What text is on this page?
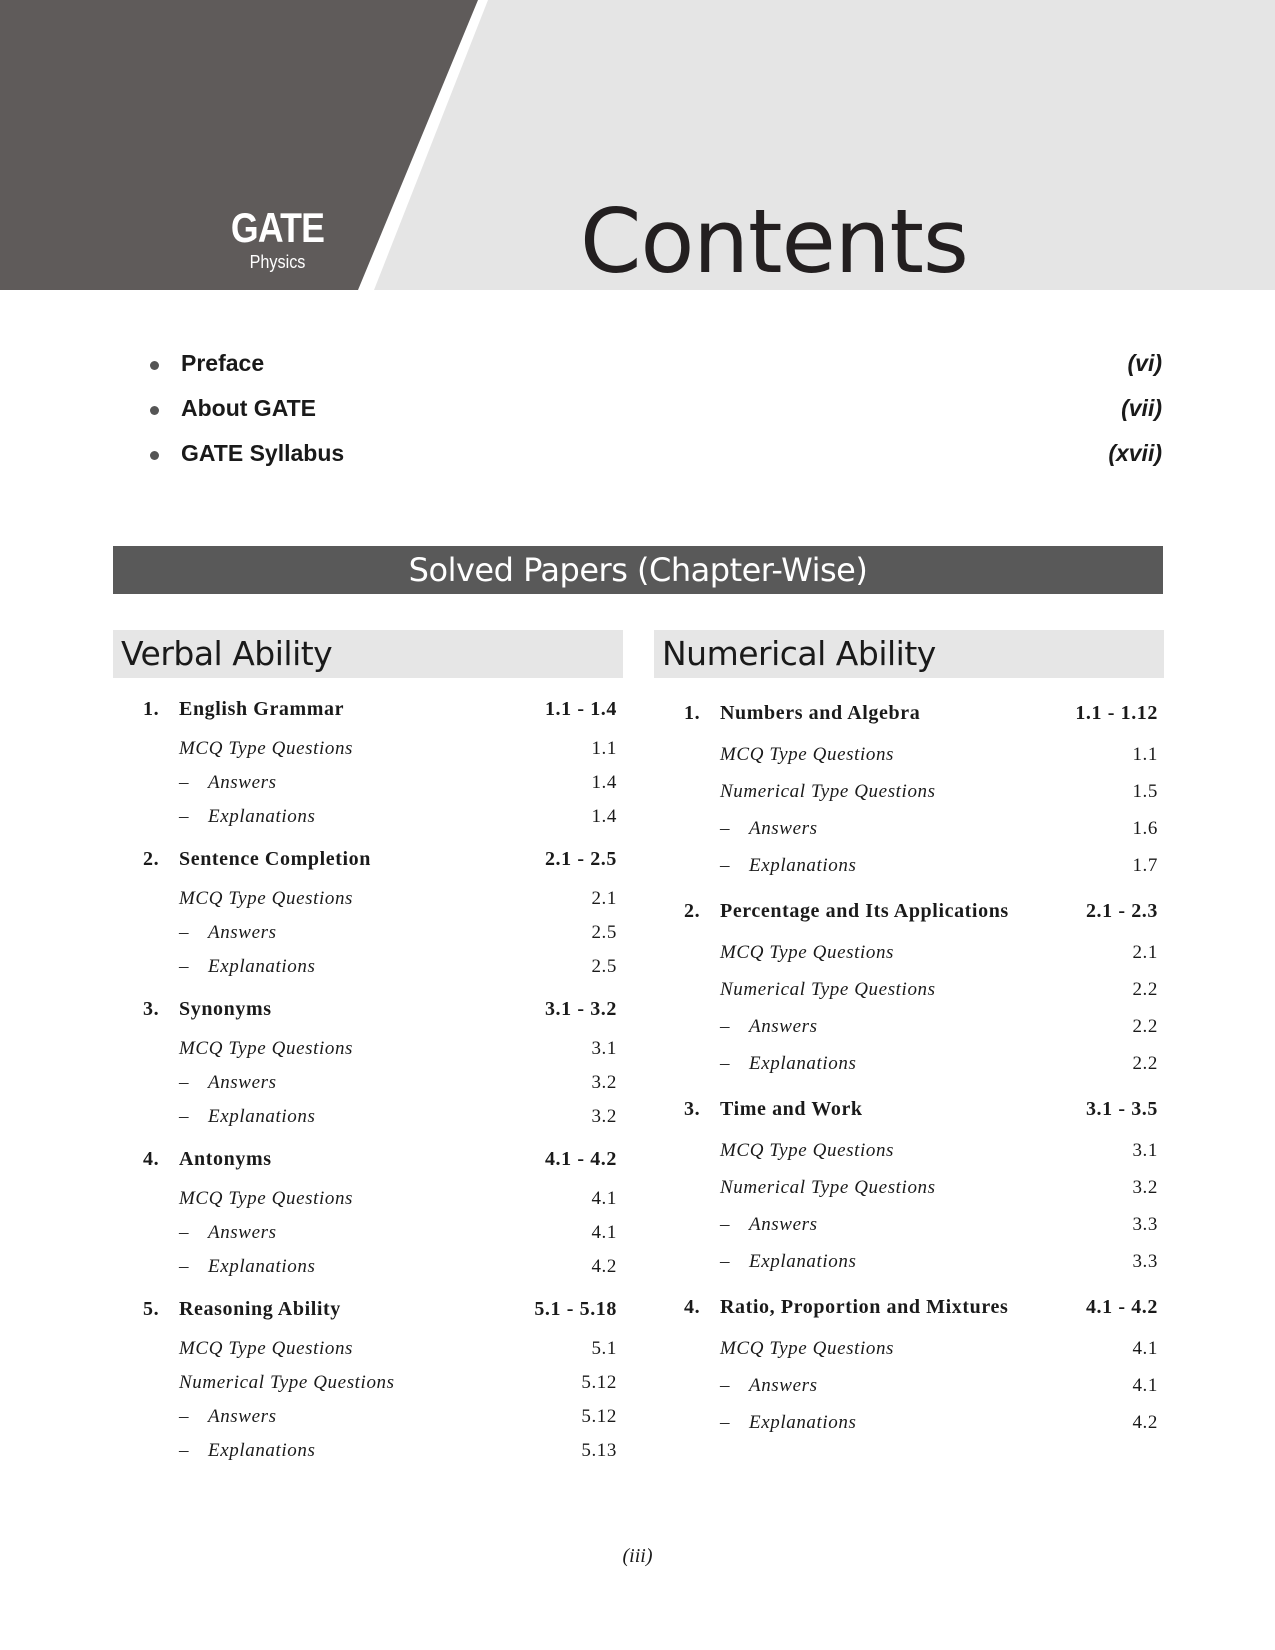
GATE
Physics	Contents
Preface	(vi)
About GATE	(vii)
GATE Syllabus	(xvii)
Solved Papers (Chapter-Wise)
Verbal Ability
1. English Grammar	1.1 - 1.4
MCQ Type Questions	1.1
– Answers	1.4
– Explanations	1.4
2. Sentence Completion	2.1 - 2.5
MCQ Type Questions	2.1
– Answers	2.5
– Explanations	2.5
3. Synonyms	3.1 - 3.2
MCQ Type Questions	3.1
– Answers	3.2
– Explanations	3.2
4. Antonyms	4.1 - 4.2
MCQ Type Questions	4.1
– Answers	4.1
– Explanations	4.2
5. Reasoning Ability	5.1 - 5.18
MCQ Type Questions	5.1
Numerical Type Questions	5.12
– Answers	5.12
– Explanations	5.13
Numerical Ability
1. Numbers and Algebra	1.1 - 1.12
MCQ Type Questions	1.1
Numerical Type Questions	1.5
– Answers	1.6
– Explanations	1.7
2. Percentage and Its Applications	2.1 - 2.3
MCQ Type Questions	2.1
Numerical Type Questions	2.2
– Answers	2.2
– Explanations	2.2
3. Time and Work	3.1 - 3.5
MCQ Type Questions	3.1
Numerical Type Questions	3.2
– Answers	3.3
– Explanations	3.3
4. Ratio, Proportion and Mixtures	4.1 - 4.2
MCQ Type Questions	4.1
– Answers	4.1
– Explanations	4.2
(iii)
